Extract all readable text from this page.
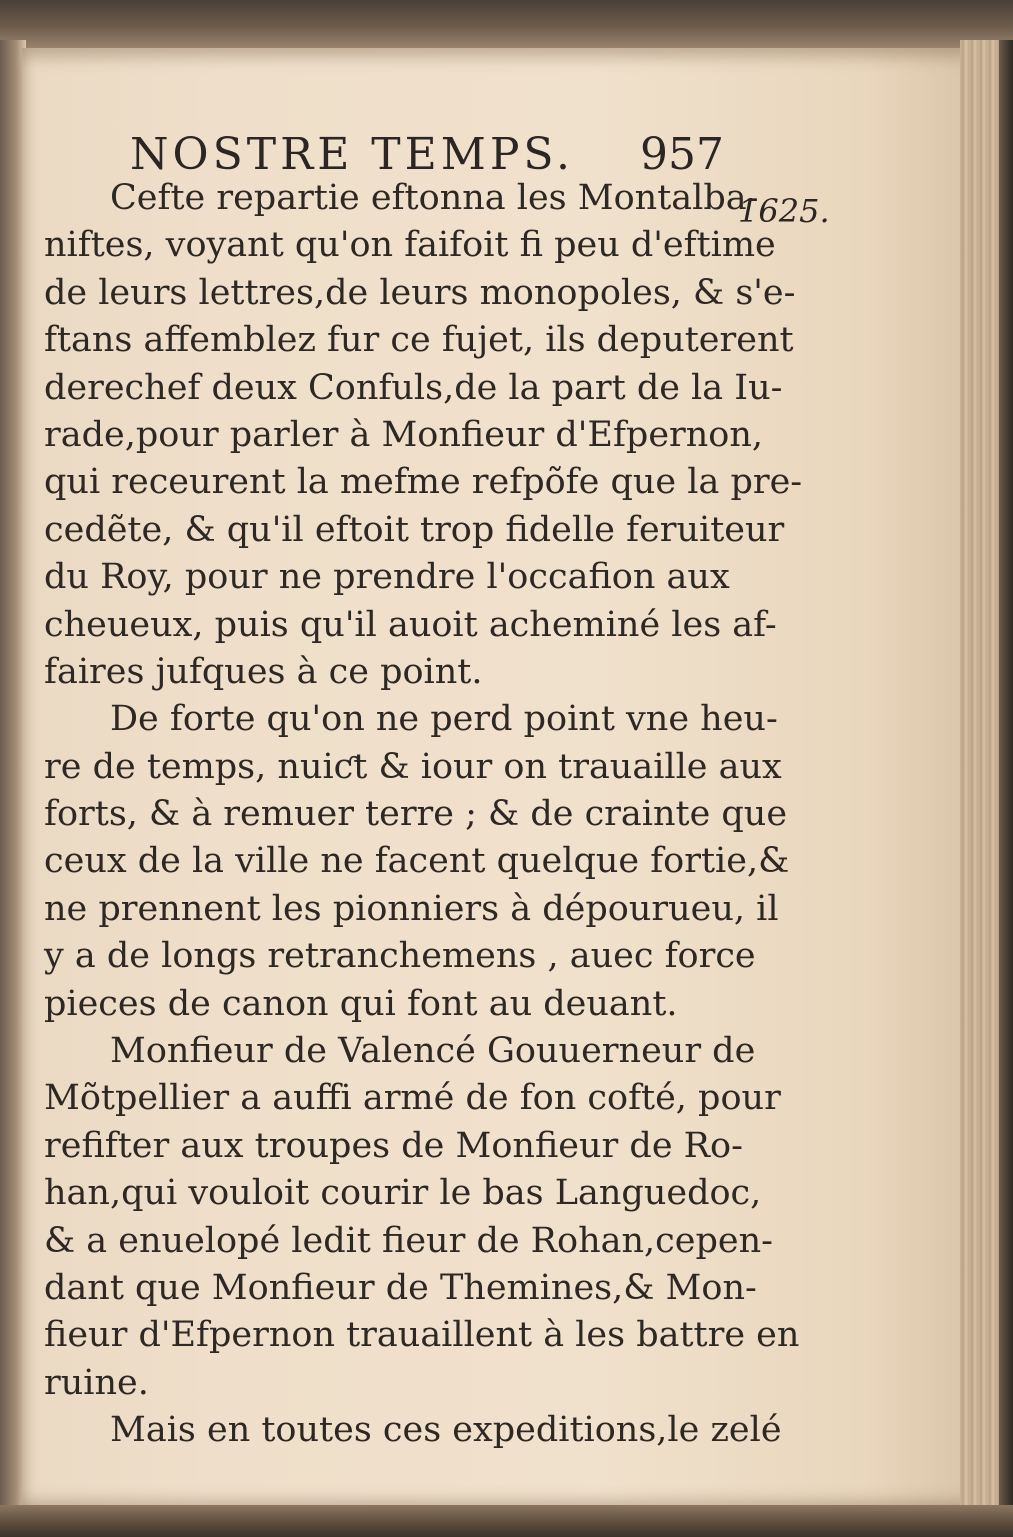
NOSTRE TEMPS. 957
1625.
Cefte repartie eftonna les Montalba-
niftes, voyant qu'on faifoit fi peu d'eftime
de leurs lettres,de leurs monopoles, & s'e-
ftans affemblez fur ce fujet, ils deputerent
derechef deux Confuls,de la part de la Iu-
rade,pour parler à Monfieur d'Efpernon,
qui receurent la mefme refpõfe que la pre-
cedẽte, & qu'il eftoit trop fidelle feruiteur
du Roy, pour ne prendre l'occafion aux
cheueux, puis qu'il auoit acheminé les af-
faires jufques à ce point.
De forte qu'on ne perd point vne heu-
re de temps, nuiƈt & iour on trauaille aux
forts, & à remuer terre ; & de crainte que
ceux de la ville ne facent quelque fortie,&
ne prennent les pionniers à dépourueu, il
y a de longs retranchemens , auec force
pieces de canon qui font au deuant.
Monfieur de Valencé Gouuerneur de
Mõtpellier a auffi armé de fon cofté, pour
refifter aux troupes de Monfieur de Ro-
han,qui vouloit courir le bas Languedoc,
& a enuelopé ledit fieur de Rohan,cepen-
dant que Monfieur de Themines,& Mon-
fieur d'Efpernon trauaillent à les battre en
ruine.
Mais en toutes ces expeditions,le zelé
